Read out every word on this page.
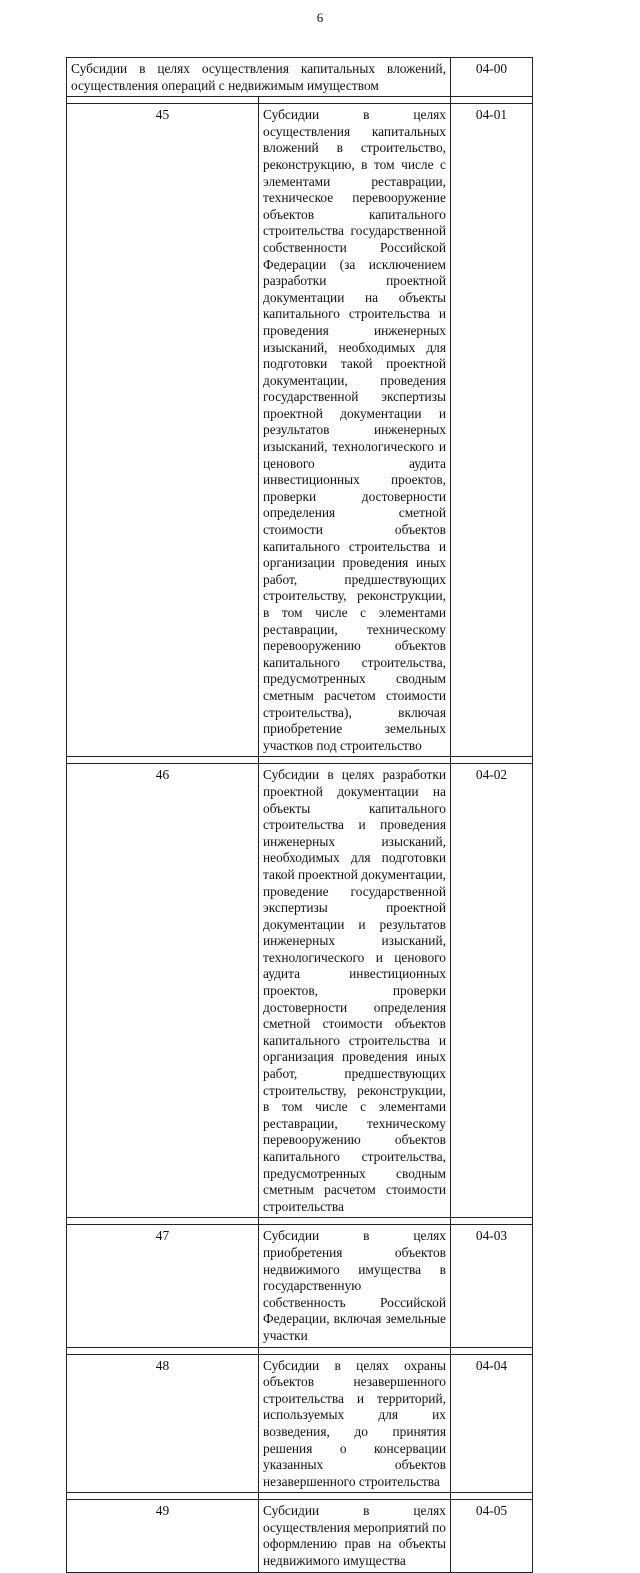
6
Субсидии в целях осуществления капитальных вложений, осуществления операций с недвижимым имуществом		04-00

45	Субсидии в целях осуществления капитальных вложений в строительство, реконструкцию, в том числе с элементами реставрации, техническое перевооружение объектов капитального строительства государственной собственности Российской Федерации (за исключением разработки проектной документации на объекты капитального строительства и проведения инженерных изысканий, необходимых для подготовки такой проектной документации, проведения государственной экспертизы проектной документации и результатов инженерных изысканий, технологического и ценового аудита инвестиционных проектов, проверки достоверности определения сметной стоимости объектов капитального строительства и организации проведения иных работ, предшествующих строительству, реконструкции, в том числе с элементами реставрации, техническому перевооружению объектов капитального строительства, предусмотренных сводным сметным расчетом стоимости строительства), включая приобретение земельных участков под строительство	04-01

46	Субсидии в целях разработки проектной документации на объекты капитального строительства и проведения инженерных изысканий, необходимых для подготовки такой проектной документации, проведение государственной экспертизы проектной документации и результатов инженерных изысканий, технологического и ценового аудита инвестиционных проектов, проверки достоверности определения сметной стоимости объектов капитального строительства и организация проведения иных работ, предшествующих строительству, реконструкции, в том числе с элементами реставрации, техническому перевооружению объектов капитального строительства, предусмотренных сводным сметным расчетом стоимости строительства	04-02

47	Субсидии в целях приобретения объектов недвижимого имущества в государственную собственность Российской Федерации, включая земельные участки	04-03

48	Субсидии в целях охраны объектов незавершенного строительства и территорий, используемых для их возведения, до принятия решения о консервации указанных объектов незавершенного строительства	04-04

49	Субсидии в целях осуществления мероприятий по оформлению прав на объекты недвижимого имущества	04-05
